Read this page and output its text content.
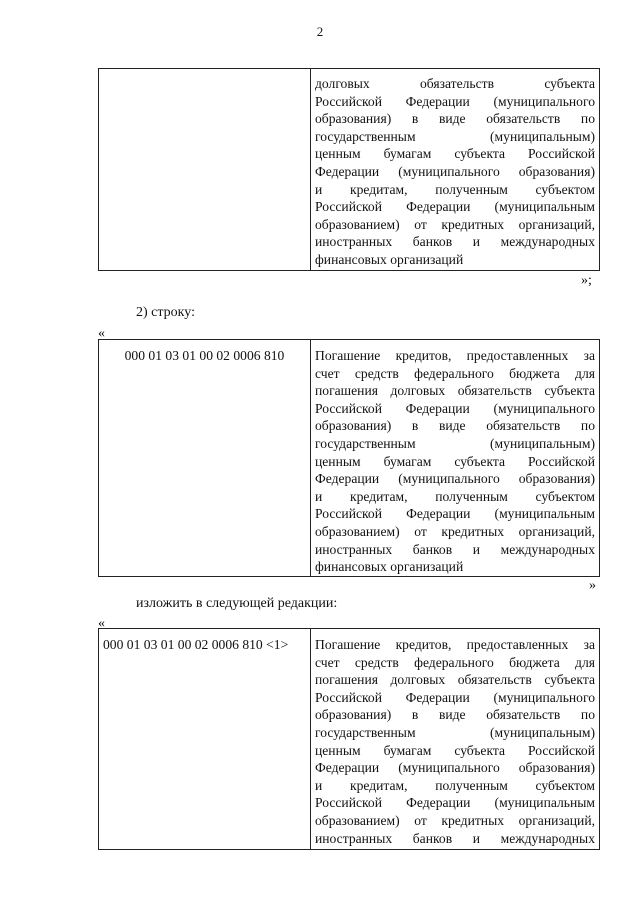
2
долговых обязательств субъекта
Российской Федерации (муниципального
образования) в виде обязательств по
государственным (муниципальным)
ценным бумагам субъекта Российской
Федерации (муниципального образования)
и кредитам, полученным субъектом
Российской Федерации (муниципальным
образованием) от кредитных организаций,
иностранных банков и международных
финансовых организаций
»;
2) строку:
«
000 01 03 01 00 02 0006 810	Погашение кредитов, предоставленных за
счет средств федерального бюджета для
погашения долговых обязательств субъекта
Российской Федерации (муниципального
образования) в виде обязательств по
государственным (муниципальным)
ценным бумагам субъекта Российской
Федерации (муниципального образования)
и кредитам, полученным субъектом
Российской Федерации (муниципальным
образованием) от кредитных организаций,
иностранных банков и международных
финансовых организаций
»
изложить в следующей редакции:
«
000 01 03 01 00 02 0006 810 <1>	Погашение кредитов, предоставленных за
счет средств федерального бюджета для
погашения долговых обязательств субъекта
Российской Федерации (муниципального
образования) в виде обязательств по
государственным (муниципальным)
ценным бумагам субъекта Российской
Федерации (муниципального образования)
и кредитам, полученным субъектом
Российской Федерации (муниципальным
образованием) от кредитных организаций,
иностранных банков и международных
